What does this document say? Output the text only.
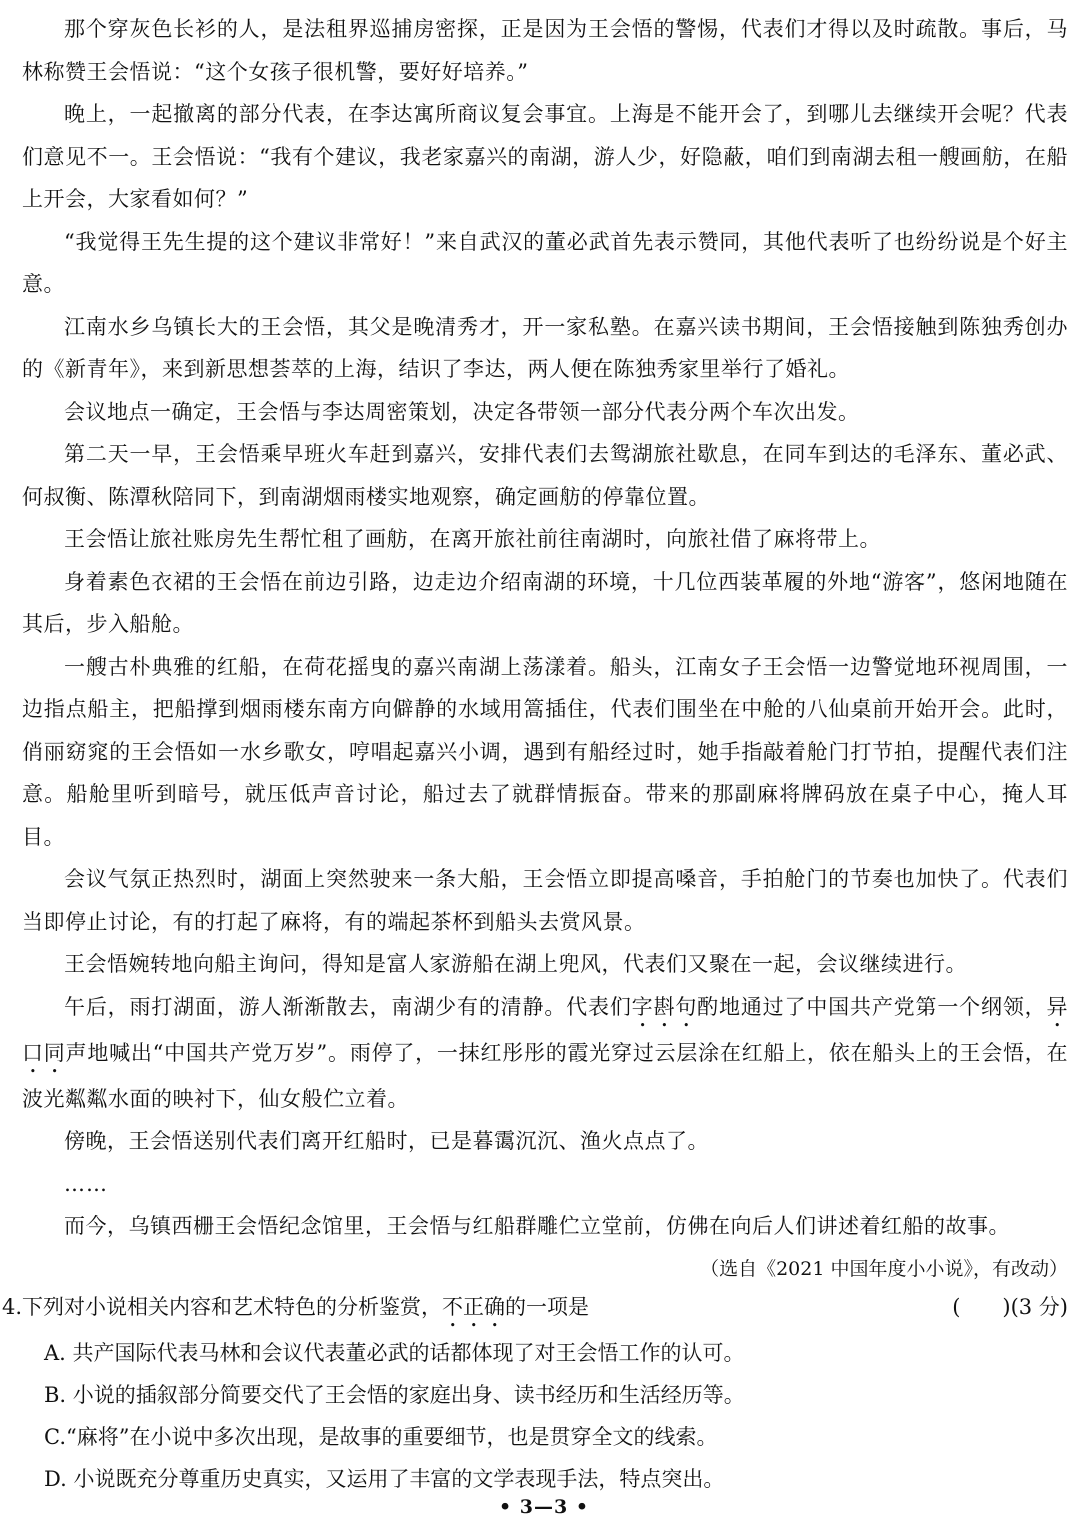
那个穿灰色长衫的人，是法租界巡捕房密探，正是因为王会悟的警惕，代表们才得以及时疏散。事后，马林称赞王会悟说：“这个女孩子很机警，要好好培养。”

晚上，一起撤离的部分代表，在李达寓所商议复会事宜。上海是不能开会了，到哪儿去继续开会呢？代表们意见不一。王会悟说：“我有个建议，我老家嘉兴的南湖，游人少，好隐蔽，咱们到南湖去租一艘画舫，在船上开会，大家看如何？”

“我觉得王先生提的这个建议非常好！”来自武汉的董必武首先表示赞同，其他代表听了也纷纷说是个好主意。

江南水乡乌镇长大的王会悟，其父是晚清秀才，开一家私塾。在嘉兴读书期间，王会悟接触到陈独秀创办的《新青年》，来到新思想荟萃的上海，结识了李达，两人便在陈独秀家里举行了婚礼。

会议地点一确定，王会悟与李达周密策划，决定各带领一部分代表分两个车次出发。

第二天一早，王会悟乘早班火车赶到嘉兴，安排代表们去鸳湖旅社歇息，在同车到达的毛泽东、董必武、何叔衡、陈潭秋陪同下，到南湖烟雨楼实地观察，确定画舫的停靠位置。

王会悟让旅社账房先生帮忙租了画舫，在离开旅社前往南湖时，向旅社借了麻将带上。

身着素色衣裙的王会悟在前边引路，边走边介绍南湖的环境，十几位西装革履的外地“游客”，悠闲地随在其后，步入船舱。

一艘古朴典雅的红船，在荷花摇曳的嘉兴南湖上荡漾着。船头，江南女子王会悟一边警觉地环视周围，一边指点船主，把船撑到烟雨楼东南方向僻静的水域用篙插住，代表们围坐在中舱的八仙桌前开始开会。此时，俏丽窈窕的王会悟如一水乡歌女，哼唱起嘉兴小调，遇到有船经过时，她手指敲着舱门打节拍，提醒代表们注意。船舱里听到暗号，就压低声音讨论，船过去了就群情振奋。带来的那副麻将牌码放在桌子中心，掩人耳目。

会议气氛正热烈时，湖面上突然驶来一条大船，王会悟立即提高嗓音，手拍舱门的节奏也加快了。代表们当即停止讨论，有的打起了麻将，有的端起茶杯到船头去赏风景。

王会悟婉转地向船主询问，得知是富人家游船在湖上兜风，代表们又聚在一起，会议继续进行。

午后，雨打湖面，游人渐渐散去，南湖少有的清静。代表们字斟句酌地通过了中国共产党第一个纲领，异口同声地喊出“中国共产党万岁”。雨停了，一抹红彤彤的霞光穿过云层涂在红船上，依在船头上的王会悟，在波光粼粼水面的映衬下，仙女般伫立着。

傍晚，王会悟送别代表们离开红船时，已是暮霭沉沉、渔火点点了。

……

而今，乌镇西栅王会悟纪念馆里，王会悟与红船群雕伫立堂前，仿佛在向后人们讲述着红船的故事。

（选自《2021 中国年度小小说》，有改动）

4.下列对小说相关内容和艺术特色的分析鉴赏，不正确的一项是	(　　)(3 分)

A. 共产国际代表马林和会议代表董必武的话都体现了对王会悟工作的认可。
B. 小说的插叙部分简要交代了王会悟的家庭出身、读书经历和生活经历等。
C.“麻将”在小说中多次出现，是故事的重要细节，也是贯穿全文的线索。
D. 小说既充分尊重历史真实，又运用了丰富的文学表现手法，特点突出。
• 3—3 •
